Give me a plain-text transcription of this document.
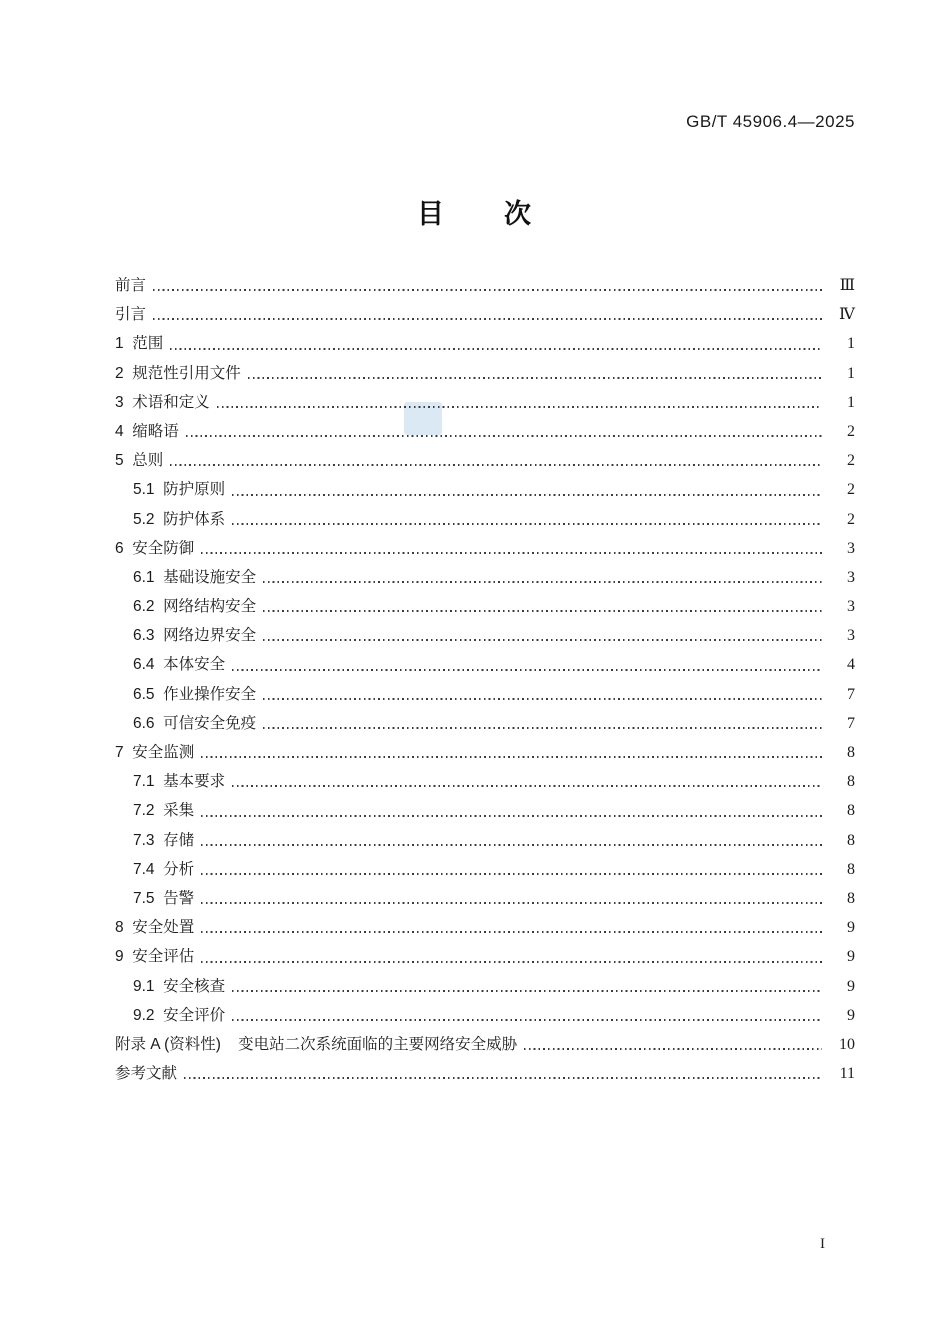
GB/T 45906.4—2025
目　　次
前言	Ⅲ
引言	Ⅳ
1  范围	1
2  规范性引用文件	1
3  术语和定义	1
4  缩略语	2
5  总则	2
5.1  防护原则	2
5.2  防护体系	2
6  安全防御	3
6.1  基础设施安全	3
6.2  网络结构安全	3
6.3  网络边界安全	3
6.4  本体安全	4
6.5  作业操作安全	7
6.6  可信安全免疫	7
7  安全监测	8
7.1  基本要求	8
7.2  采集	8
7.3  存储	8
7.4  分析	8
7.5  告警	8
8  安全处置	9
9  安全评估	9
9.1  安全核查	9
9.2  安全评价	9
附录 A (资料性)    变电站二次系统面临的主要网络安全威胁	10
参考文献	11
I
